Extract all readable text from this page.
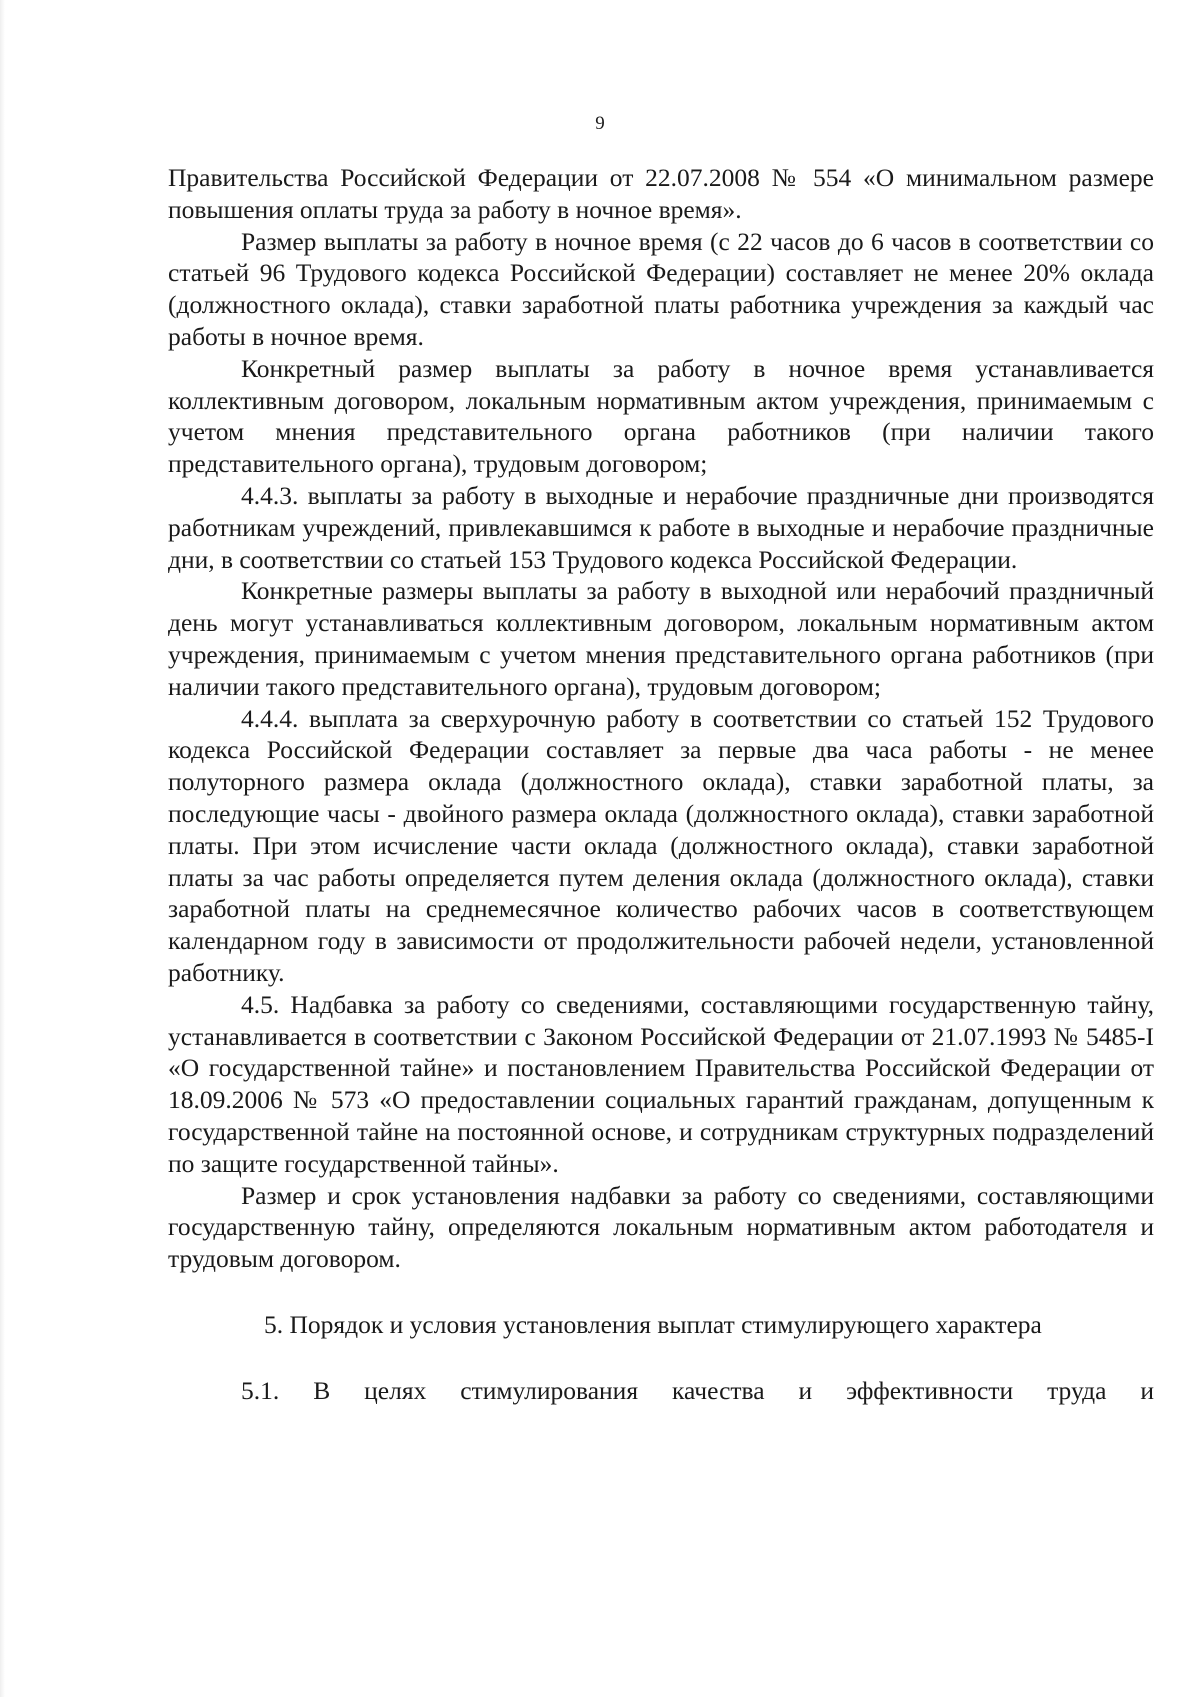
9

Правительства Российской Федерации от 22.07.2008 № 554 «О минимальном размере повышения оплаты труда за работу в ночное время».

Размер выплаты за работу в ночное время (с 22 часов до 6 часов в соответствии со статьей 96 Трудового кодекса Российской Федерации) составляет не менее 20% оклада (должностного оклада), ставки заработной платы работника учреждения за каждый час работы в ночное время.

Конкретный размер выплаты за работу в ночное время устанавливается коллективным договором, локальным нормативным актом учреждения, принимаемым с учетом мнения представительного органа работников (при наличии такого представительного органа), трудовым договором;

4.4.3. выплаты за работу в выходные и нерабочие праздничные дни производятся работникам учреждений, привлекавшимся к работе в выходные и нерабочие праздничные дни, в соответствии со статьей 153 Трудового кодекса Российской Федерации.

Конкретные размеры выплаты за работу в выходной или нерабочий праздничный день могут устанавливаться коллективным договором, локальным нормативным актом учреждения, принимаемым с учетом мнения представительного органа работников (при наличии такого представительного органа), трудовым договором;

4.4.4. выплата за сверхурочную работу в соответствии со статьей 152 Трудового кодекса Российской Федерации составляет за первые два часа работы - не менее полуторного размера оклада (должностного оклада), ставки заработной платы, за последующие часы - двойного размера оклада (должностного оклада), ставки заработной платы. При этом исчисление части оклада (должностного оклада), ставки заработной платы за час работы определяется путем деления оклада (должностного оклада), ставки заработной платы на среднемесячное количество рабочих часов в соответствующем календарном году в зависимости от продолжительности рабочей недели, установленной работнику.

4.5. Надбавка за работу со сведениями, составляющими государственную тайну, устанавливается в соответствии с Законом Российской Федерации от 21.07.1993 № 5485-I «О государственной тайне» и постановлением Правительства Российской Федерации от 18.09.2006 № 573 «О предоставлении социальных гарантий гражданам, допущенным к государственной тайне на постоянной основе, и сотрудникам структурных подразделений по защите государственной тайны».

Размер и срок установления надбавки за работу со сведениями, составляющими государственную тайну, определяются локальным нормативным актом работодателя и трудовым договором.

5. Порядок и условия установления выплат стимулирующего характера

5.1. В целях стимулирования качества и эффективности труда и
